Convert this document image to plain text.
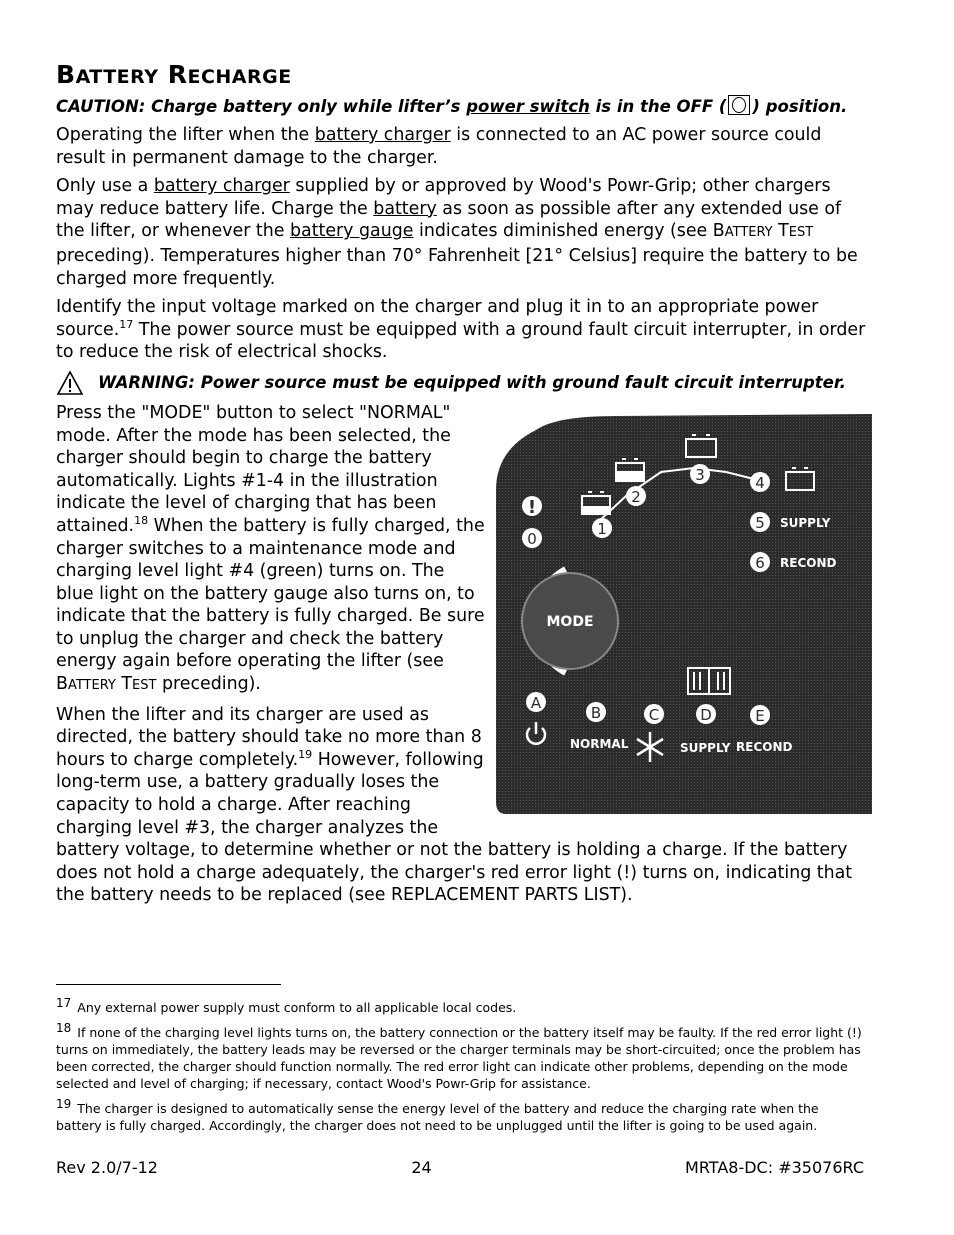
BATTERY RECHARGE

CAUTION: Charge battery only while lifter’s power switch is in the OFF ( ) position.

Operating the lifter when the battery charger is connected to an AC power source could result in permanent damage to the charger.

Only use a battery charger supplied by or approved by Wood's Powr-Grip; other chargers may reduce battery life. Charge the battery as soon as possible after any extended use of the lifter, or whenever the battery gauge indicates diminished energy (see BATTERY TEST preceding). Temperatures higher than 70° Fahrenheit [21° Celsius] require the battery to be charged more frequently.

Identify the input voltage marked on the charger and plug it in to an appropriate power source.$^{17}$ The power source must be equipped with a ground fault circuit interrupter, in order to reduce the risk of electrical shocks.

WARNING: Power source must be equipped with ground fault circuit interrupter.
!
0
1
2
3	4
5
6
SUPPLY
RECOND
MODE
A
B	C	D	E
NORMAL	SUPPLY RECOND

Press the "MODE" button to select "NORMAL" mode. After the mode has been selected, the charger should begin to charge the battery automatically. Lights #1-4 in the illustration indicate the level of charging that has been attained.$^{18}$ When the battery is fully charged, the charger switches to a maintenance mode and charging level light #4 (green) turns on. The blue light on the battery gauge also turns on, to indicate that the battery is fully charged. Be sure to unplug the charger and check the battery energy again before operating the lifter (see BATTERY TEST preceding).

When the lifter and its charger are used as directed, the battery should take no more than 8 hours to charge completely.$^{19}$ However, following long-term use, a battery gradually loses the capacity to hold a charge. After reaching charging level #3, the charger analyzes the battery voltage, to determine whether or not the battery is holding a charge. If the battery does not hold a charge adequately, the charger's red error light (!) turns on, indicating that the battery needs to be replaced (see REPLACEMENT PARTS LIST).

$^{17}$ Any external power supply must conform to all applicable local codes.

$^{18}$ If none of the charging level lights turns on, the battery connection or the battery itself may be faulty. If the red error light (!) turns on immediately, the battery leads may be reversed or the charger terminals may be short-circuited; once the problem has been corrected, the charger should function normally. The red error light can indicate other problems, depending on the mode selected and level of charging; if necessary, contact Wood's Powr-Grip for assistance.

$^{19}$ The charger is designed to automatically sense the energy level of the battery and reduce the charging rate when the battery is fully charged. Accordingly, the charger does not need to be unplugged until the lifter is going to be used again.

Rev 2.0/7-12	24	MRTA8-DC: #35076RC
